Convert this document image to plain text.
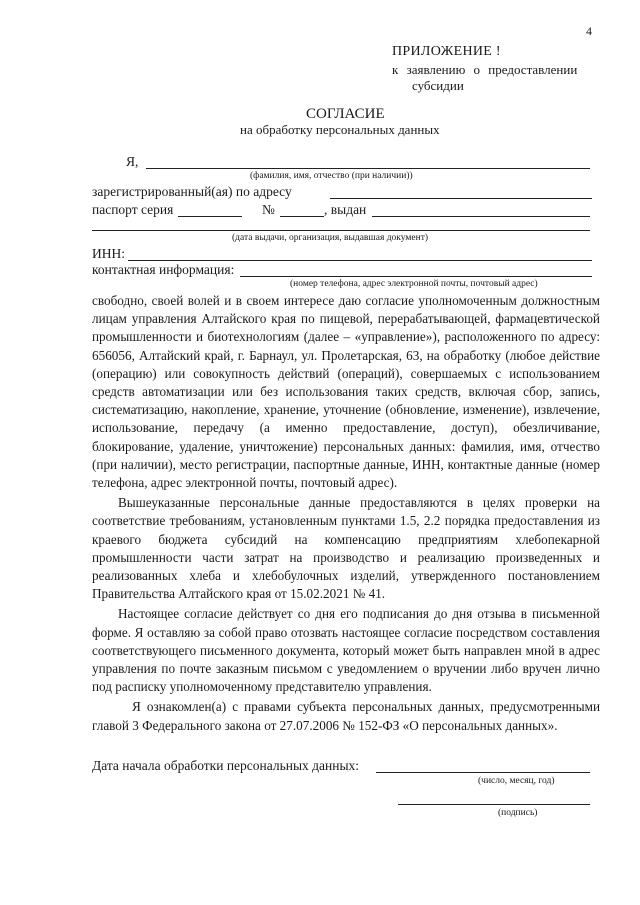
4
ПРИЛОЖЕНИЕ !
к заявлению о предоставлении
субсидии
СОГЛАСИЕ
на обработку персональных данных
Я,
(фамилия, имя, отчество (при наличии))
зарегистрированный(ая) по адресу
паспорт серия	№	, выдан
(дата выдачи, организация, выдавшая документ)
ИНН:
контактная информация:
(номер телефона, адрес электронной почты, почтовый адрес)

свободно, своей волей и в своем интересе даю согласие уполномоченным должностным лицам управления Алтайского края по пищевой, перерабатывающей, фармацевтической промышленности и биотехнологиям (далее – «управление»), расположенного по адресу: 656056, Алтайский край, г. Барнаул, ул. Пролетарская, 63, на обработку (любое действие (операцию) или совокупность действий (операций), совершаемых с использованием средств автоматизации или без использования таких средств, включая сбор, запись, систематизацию, накопление, хранение, уточнение (обновление, изменение), извлечение, использование, передачу (а именно предоставление, доступ), обезличивание, блокирование, удаление, уничтожение) персональных данных: фамилия, имя, отчество (при наличии), место регистрации, паспортные данные, ИНН, контактные данные (номер телефона, адрес электронной почты, почтовый адрес).

Вышеуказанные персональные данные предоставляются в целях проверки на соответствие требованиям, установленным пунктами 1.5, 2.2 порядка предоставления из краевого бюджета субсидий на компенсацию предприятиям хлебопекарной промышленности части затрат на производство и реализацию произведенных и реализованных хлеба и хлебобулочных изделий, утвержденного постановлением Правительства Алтайского края от 15.02.2021 № 41.

Настоящее согласие действует со дня его подписания до дня отзыва в письменной форме. Я оставляю за собой право отозвать настоящее согласие посредством составления соответствующего письменного документа, который может быть направлен мной в адрес управления по почте заказным письмом с уведомлением о вручении либо вручен лично под расписку уполномоченному представителю управления.

Я ознакомлен(а) с правами субъекта персональных данных, предусмотренными главой 3 Федерального закона от 27.07.2006 № 152-ФЗ «О персональных данных».

Дата начала обработки персональных данных:
(число, месяц, год)
(подпись)
